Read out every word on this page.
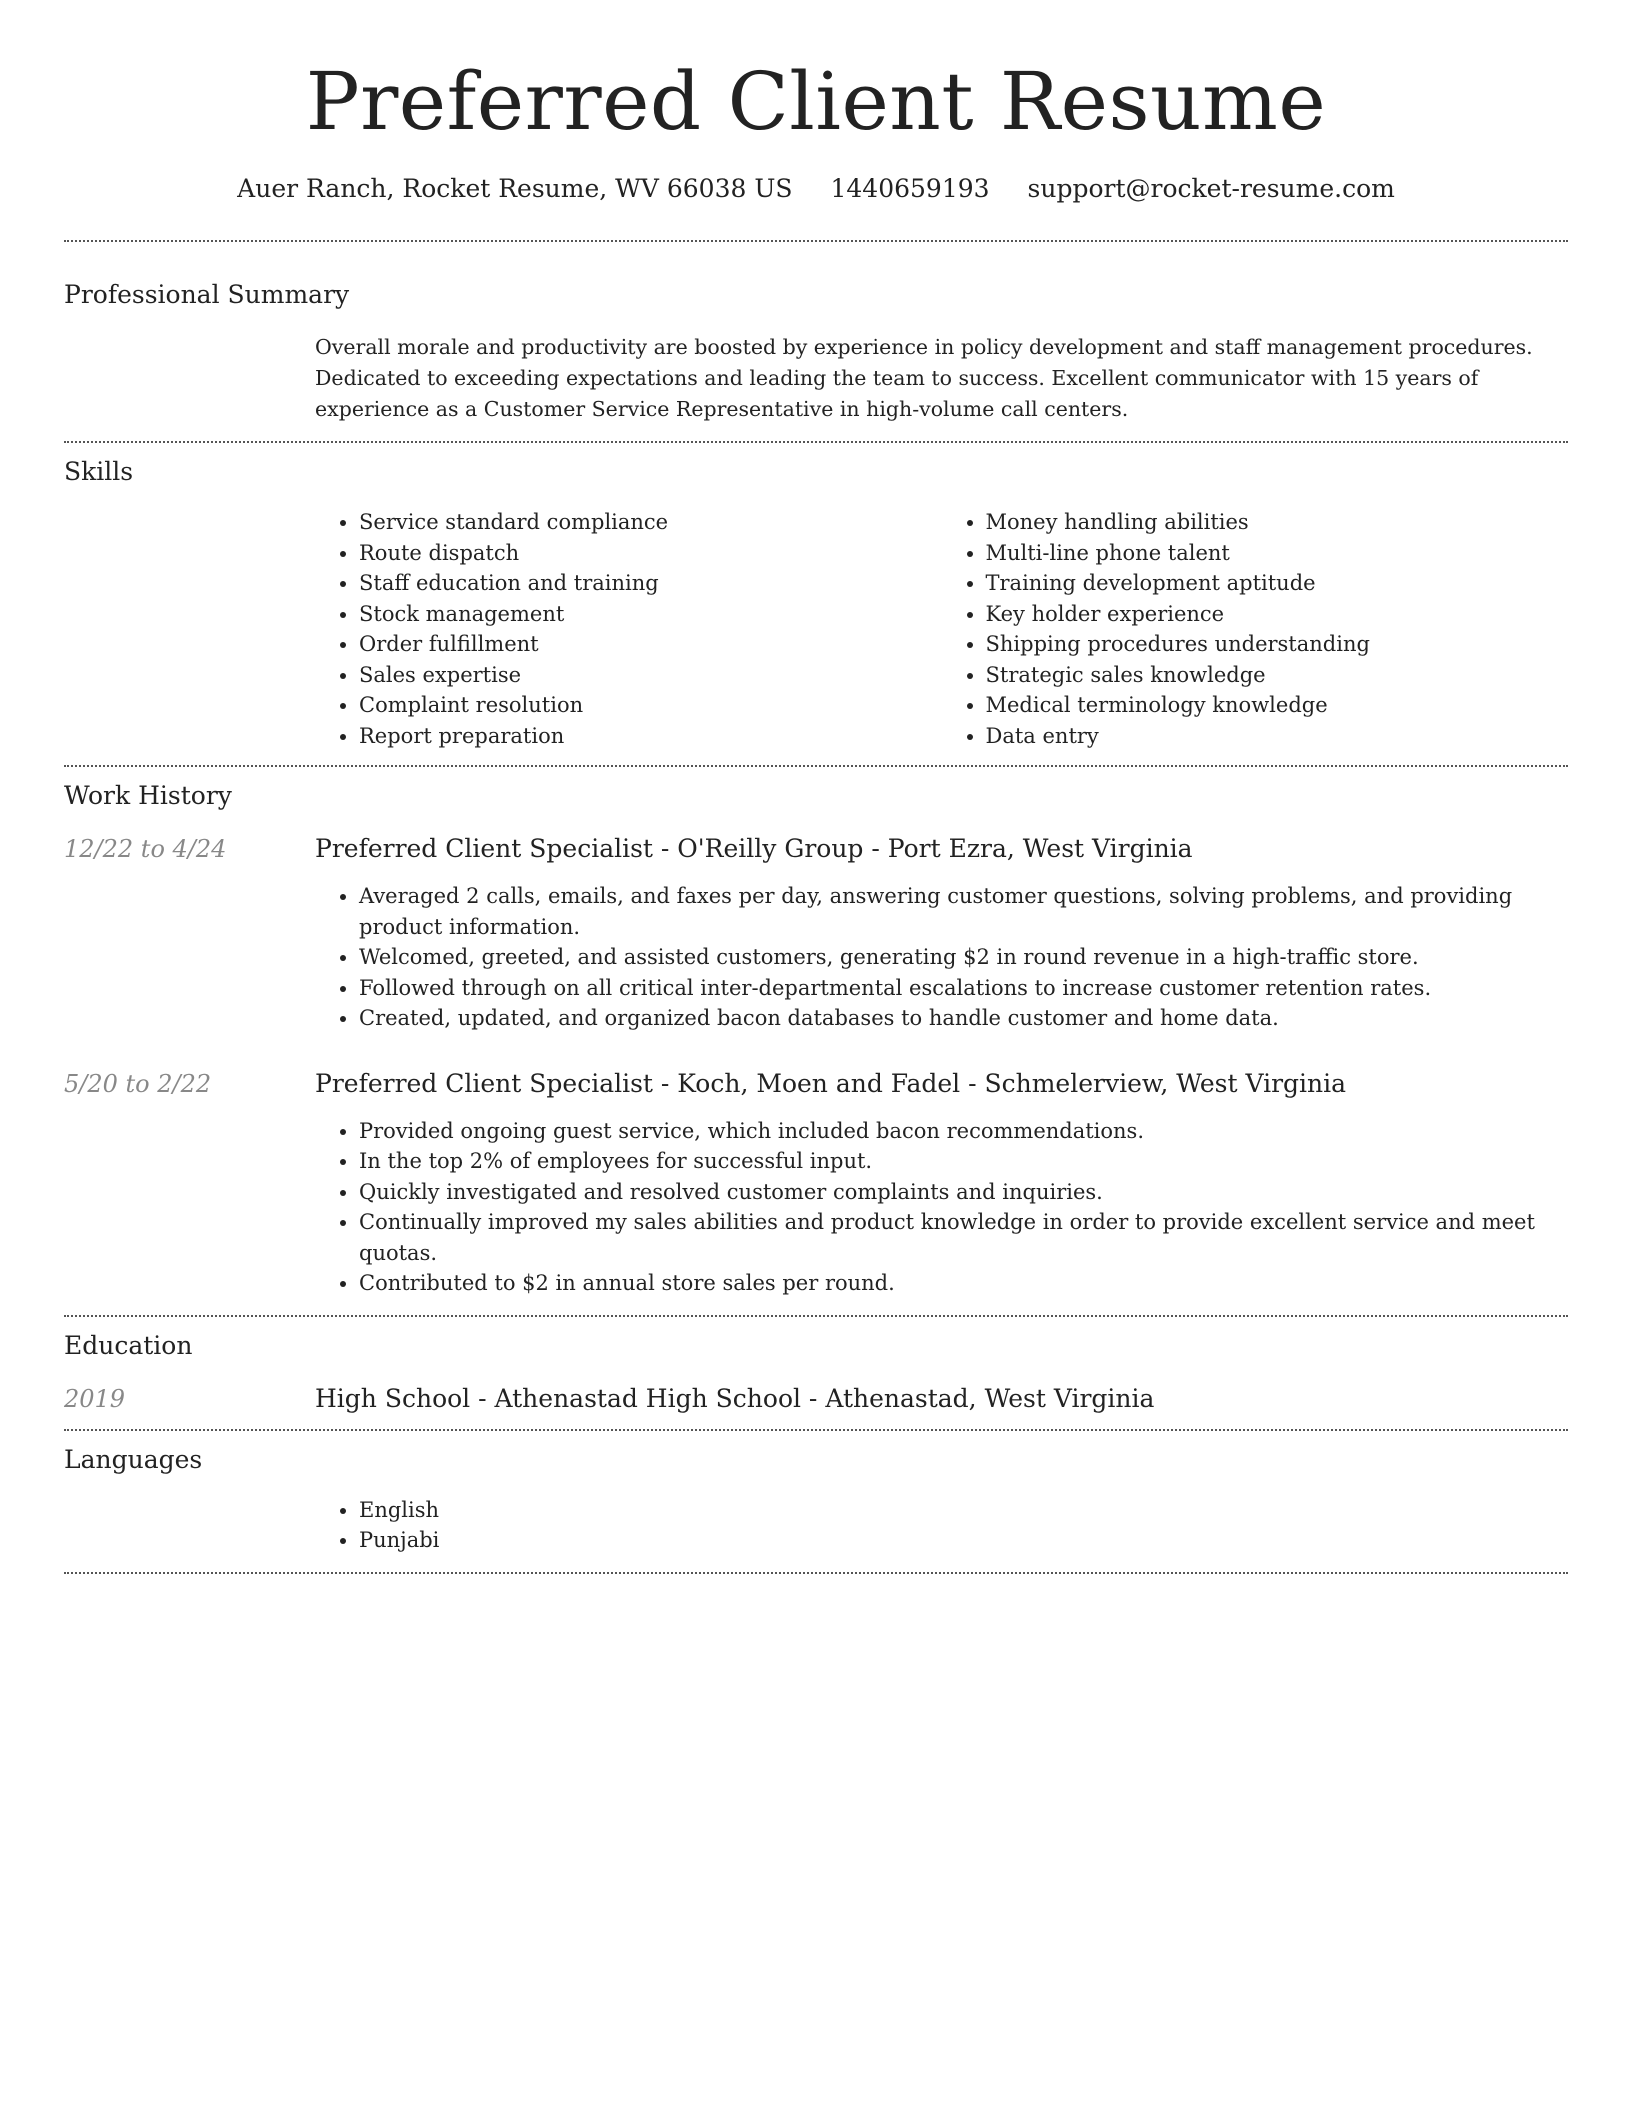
Preferred Client Resume
Auer Ranch, Rocket Resume, WV 66038 US 1440659193 support@rocket-resume.com
Professional Summary
Overall morale and productivity are boosted by experience in policy development and staff management procedures. Dedicated to exceeding expectations and leading the team to success. Excellent communicator with 15 years of experience as a Customer Service Representative in high-volume call centers.
Skills
• Service standard compliance
• Route dispatch
• Staff education and training
• Stock management
• Order fulfillment
• Sales expertise
• Complaint resolution
• Report preparation
• Money handling abilities
• Multi-line phone talent
• Training development aptitude
• Key holder experience
• Shipping procedures understanding
• Strategic sales knowledge
• Medical terminology knowledge
• Data entry
Work History
12/22 to 4/24	Preferred Client Specialist - O'Reilly Group - Port Ezra, West Virginia
• Averaged 2 calls, emails, and faxes per day, answering customer questions, solving problems, and providing product information.
• Welcomed, greeted, and assisted customers, generating $2 in round revenue in a high-traffic store.
• Followed through on all critical inter-departmental escalations to increase customer retention rates.
• Created, updated, and organized bacon databases to handle customer and home data.
5/20 to 2/22	Preferred Client Specialist - Koch, Moen and Fadel - Schmelerview, West Virginia
• Provided ongoing guest service, which included bacon recommendations.
• In the top 2% of employees for successful input.
• Quickly investigated and resolved customer complaints and inquiries.
• Continually improved my sales abilities and product knowledge in order to provide excellent service and meet quotas.
• Contributed to $2 in annual store sales per round.
Education
2019	High School - Athenastad High School - Athenastad, West Virginia
Languages
• English
• Punjabi
